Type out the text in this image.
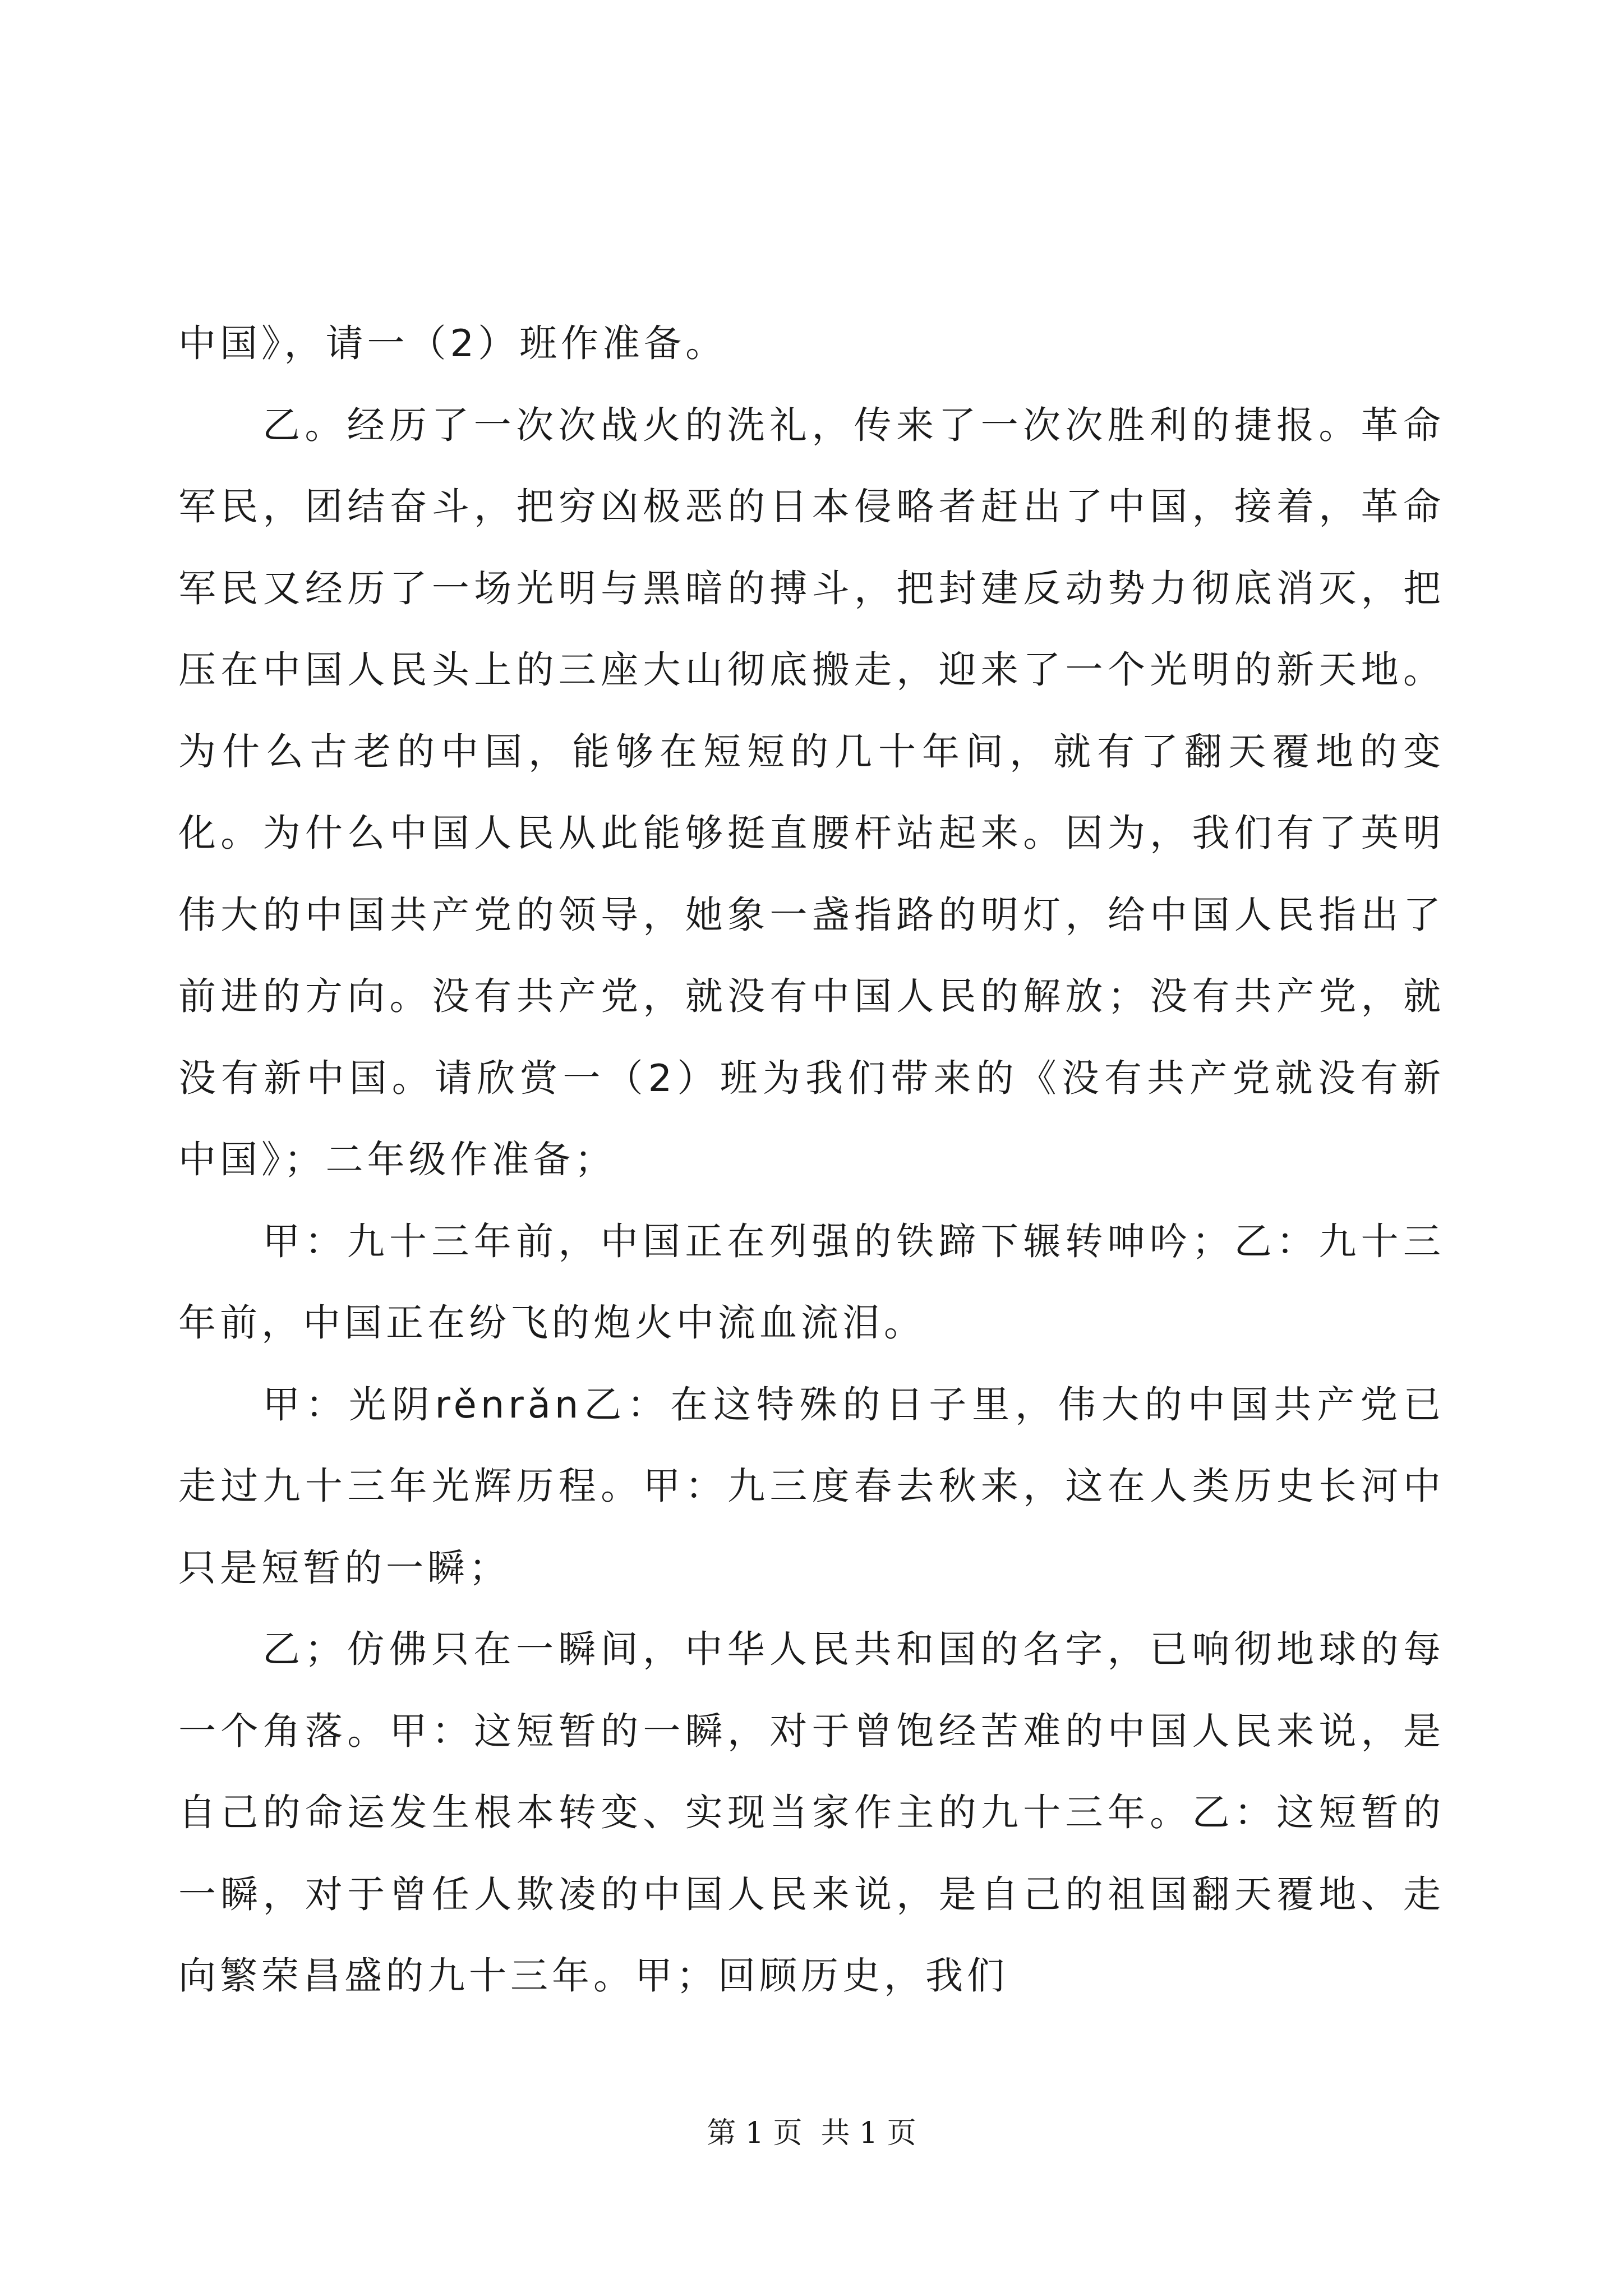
中国》，请一（2）班作准备。

乙。经历了一次次战火的洗礼，传来了一次次胜利的捷报。革命军民，团结奋斗，把穷凶极恶的日本侵略者赶出了中国，接着，革命军民又经历了一场光明与黑暗的搏斗，把封建反动势力彻底消灭，把压在中国人民头上的三座大山彻底搬走，迎来了一个光明的新天地。为什么古老的中国，能够在短短的几十年间，就有了翻天覆地的变化。为什么中国人民从此能够挺直腰杆站起来。因为，我们有了英明伟大的中国共产党的领导，她象一盏指路的明灯，给中国人民指出了前进的方向。没有共产党，就没有中国人民的解放；没有共产党，就没有新中国。请欣赏一（2）班为我们带来的《没有共产党就没有新中国》；二年级作准备；

甲：九十三年前，中国正在列强的铁蹄下辗转呻吟；乙：九十三年前，中国正在纷飞的炮火中流血流泪。

甲：光阴rěnrǎn乙：在这特殊的日子里，伟大的中国共产党已走过九十三年光辉历程。甲：九三度春去秋来，这在人类历史长河中只是短暂的一瞬；

乙；仿佛只在一瞬间，中华人民共和国的名字，已响彻地球的每一个角落。甲：这短暂的一瞬，对于曾饱经苦难的中国人民来说，是自己的命运发生根本转变、实现当家作主的九十三年。乙：这短暂的一瞬，对于曾任人欺凌的中国人民来说，是自己的祖国翻天覆地、走向繁荣昌盛的九十三年。甲；回顾历史，我们

第 1 页  共 1 页
